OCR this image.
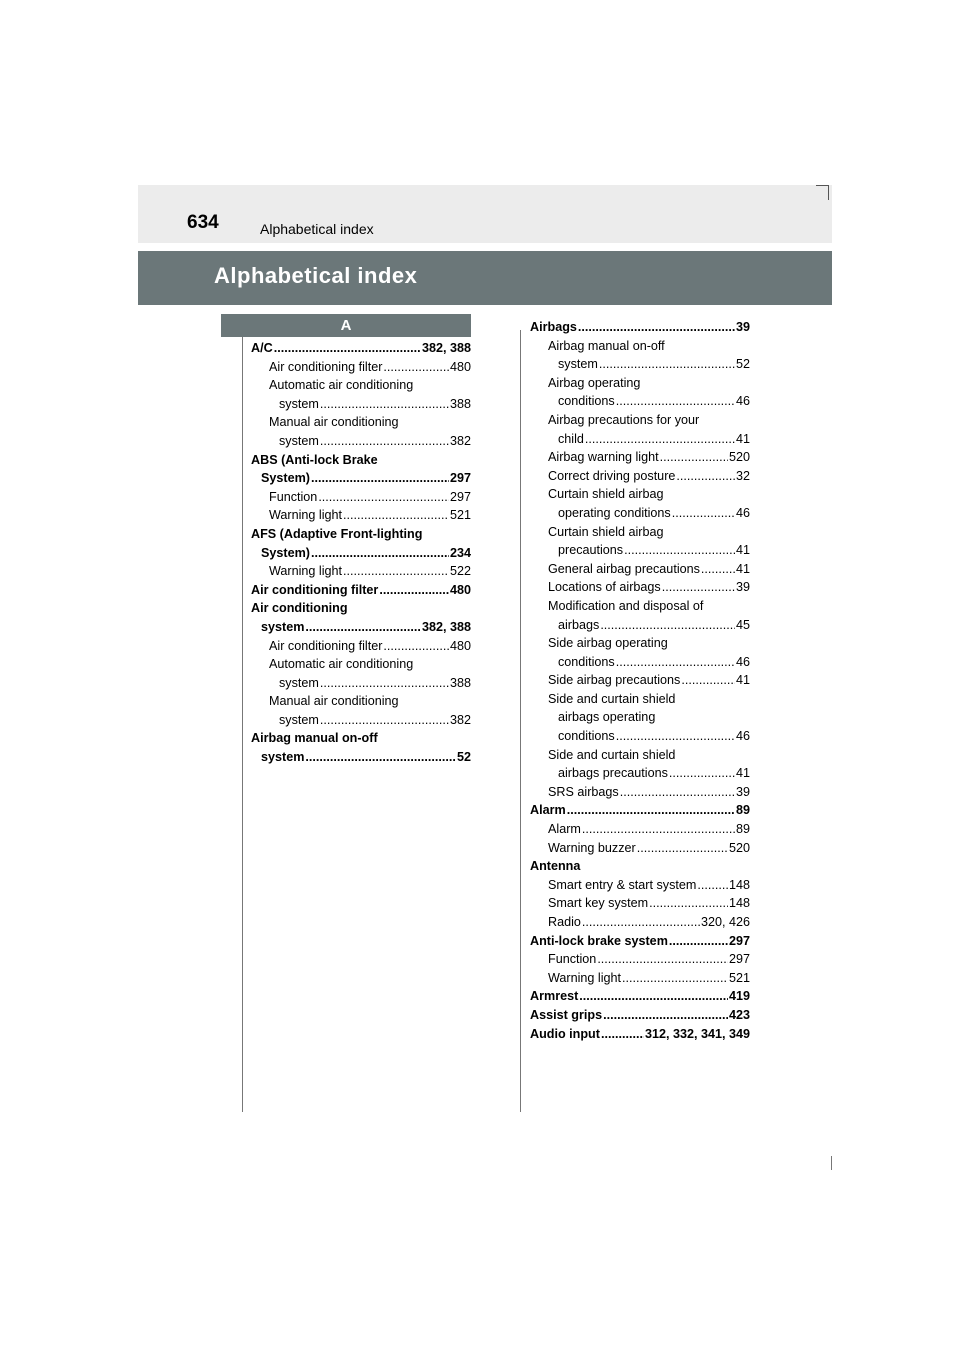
634	Alphabetical index
Alphabetical index
A
A/C .....	382, 388
Air conditioning filter .....	480
Automatic air conditioning
system .....	388
Manual air conditioning
system .....	382
ABS (Anti-lock Brake
System) .....	297
Function .....	297
Warning light .....	521
AFS (Adaptive Front-lighting
System) .....	234
Warning light .....	522
Air conditioning filter .....	480
Air conditioning
system .....	382, 388
Air conditioning filter .....	480
Automatic air conditioning
system .....	388
Manual air conditioning
system .....	382
Airbag manual on-off
system .....	52
Airbags .....	39
Airbag manual on-off
system .....	52
Airbag operating
conditions .....	46
Airbag precautions for your
child .....	41
Airbag warning light .....	520
Correct driving posture .....	32
Curtain shield airbag
operating conditions .....	46
Curtain shield airbag
precautions .....	41
General airbag precautions .....	41
Locations of airbags .....	39
Modification and disposal of
airbags .....	45
Side airbag operating
conditions .....	46
Side airbag precautions .....	41
Side and curtain shield
airbags operating
conditions .....	46
Side and curtain shield
airbags precautions .....	41
SRS airbags .....	39
Alarm .....	89
Alarm .....	89
Warning buzzer .....	520
Antenna
Smart entry & start system .....	148
Smart key system .....	148
Radio .....	320, 426
Anti-lock brake system .....	297
Function .....	297
Warning light .....	521
Armrest .....	419
Assist grips .....	423
Audio input .....	312, 332, 341, 349
